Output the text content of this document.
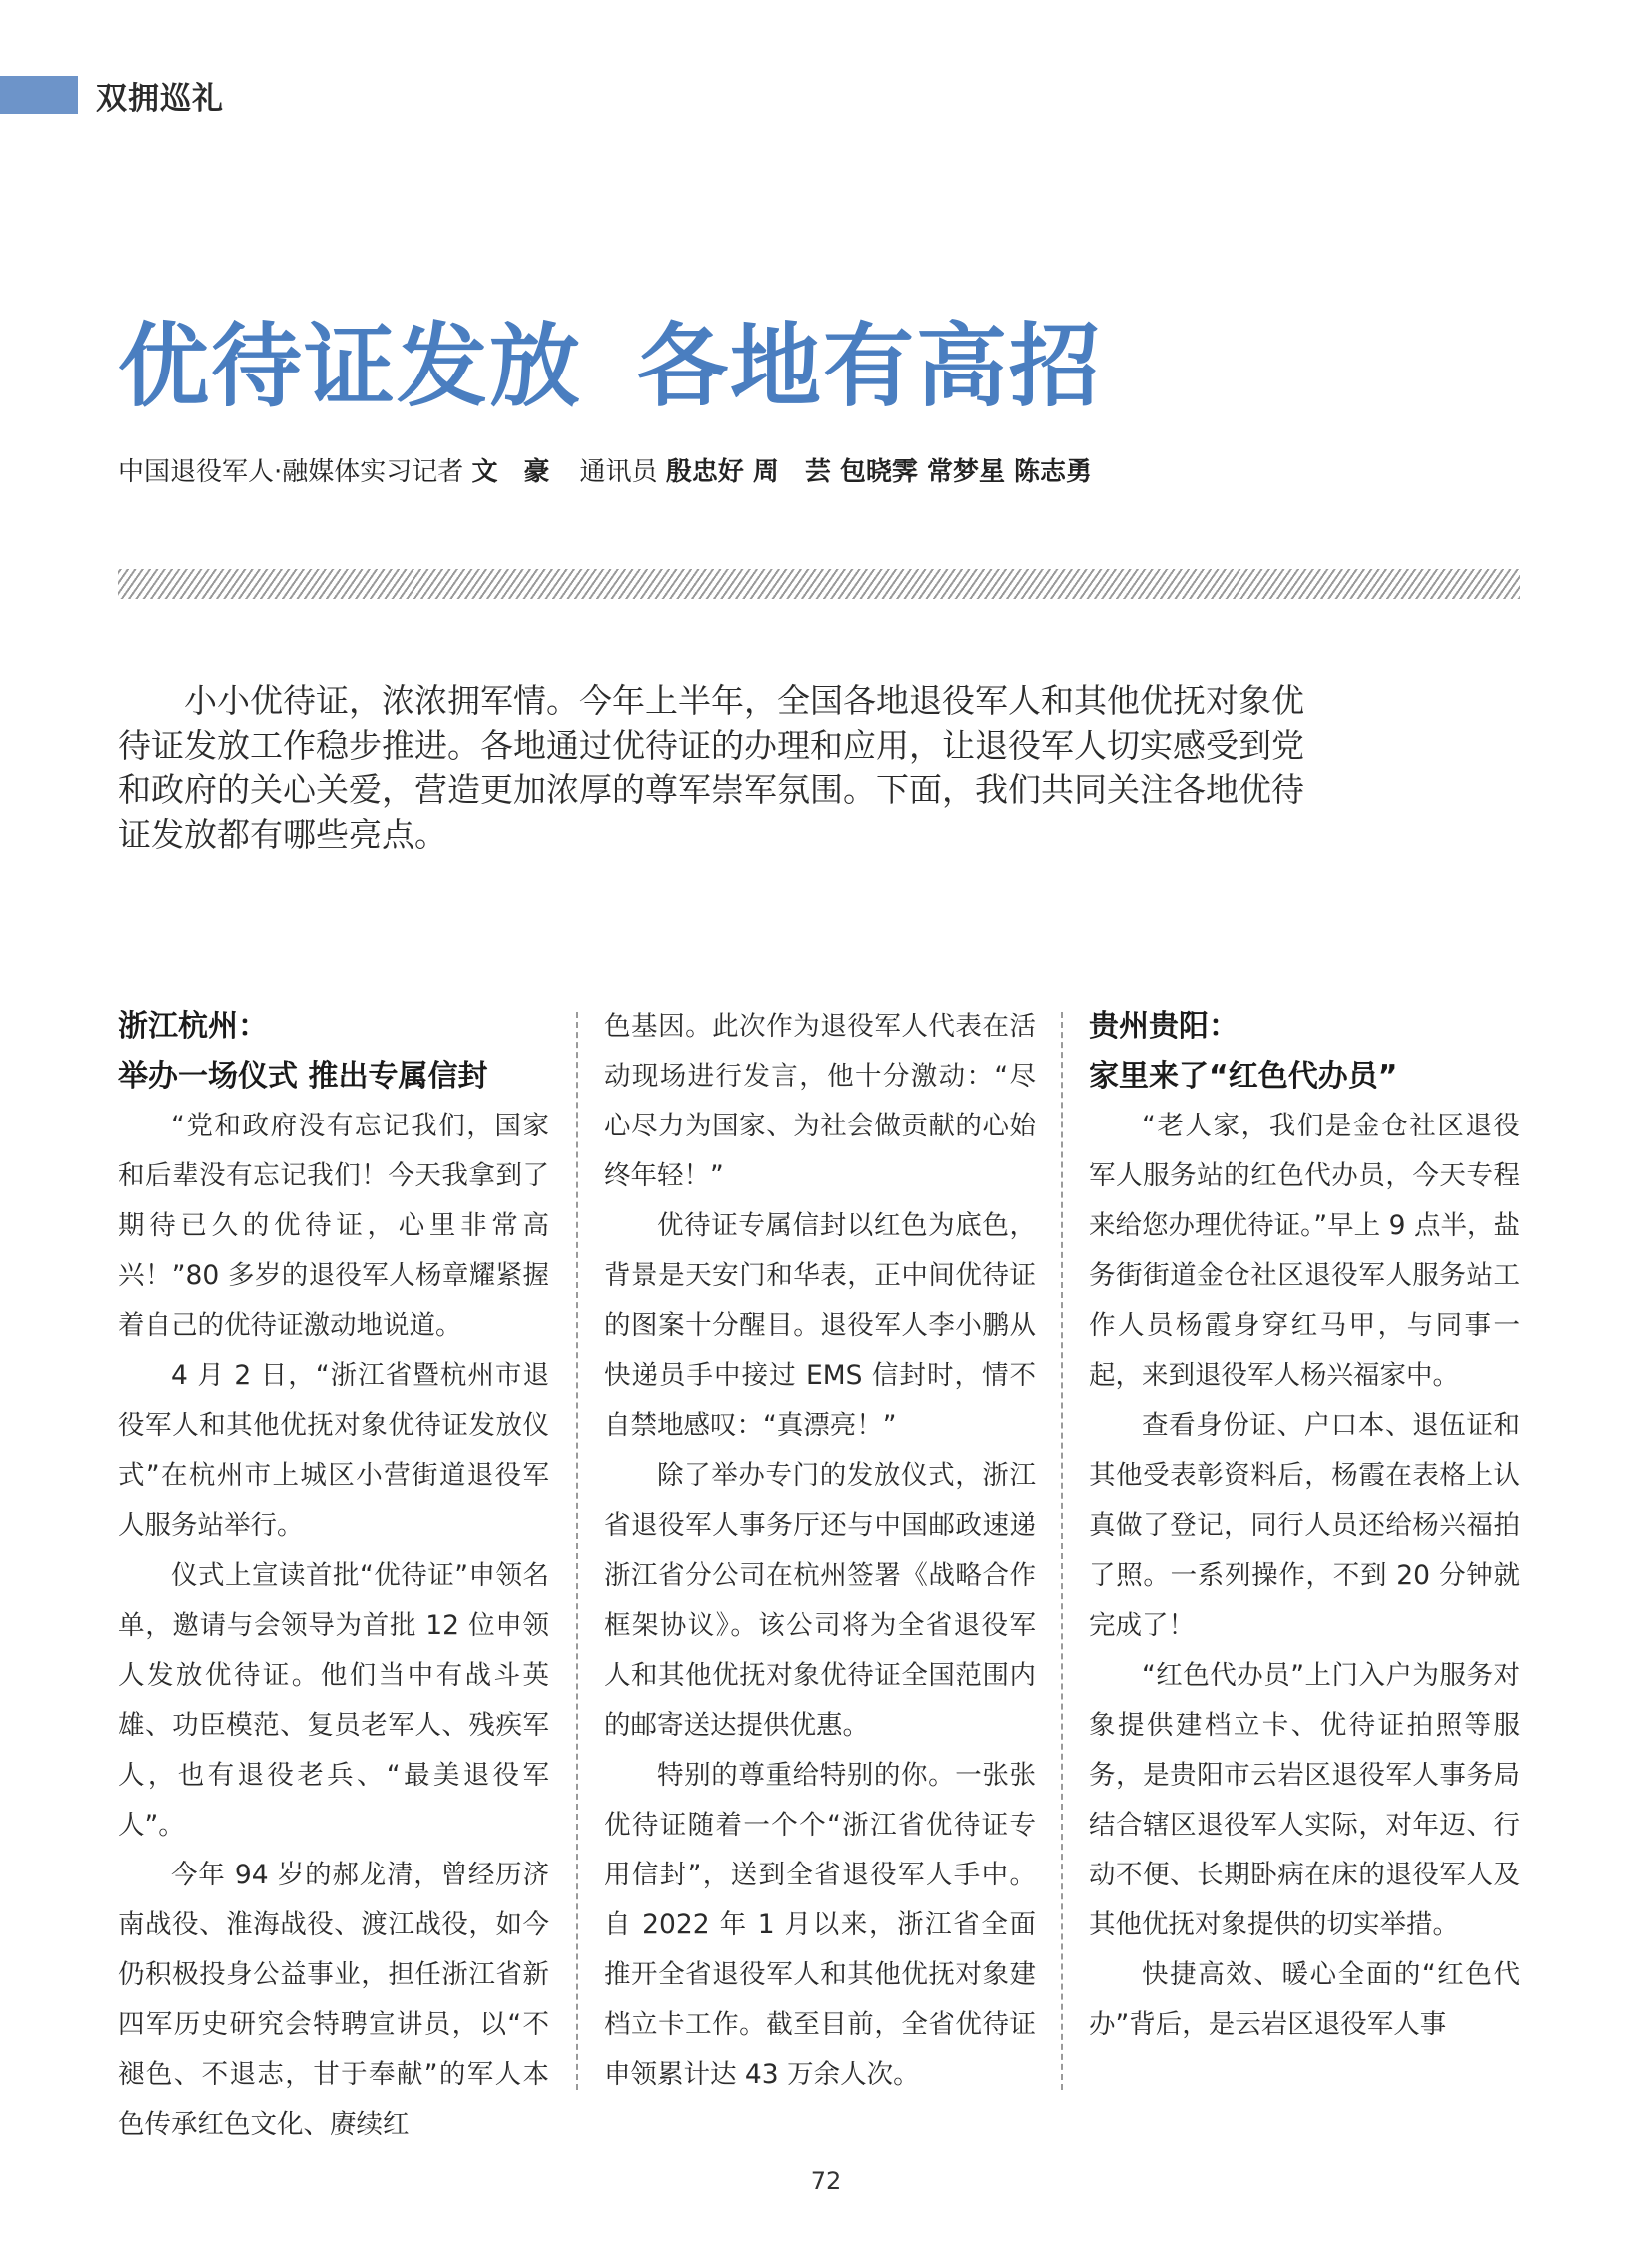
双拥巡礼
优待证发放 各地有高招
中国退役军人·融媒体实习记者 文　豪 通讯员 殷忠好 周　芸 包晓霁 常梦星 陈志勇

小小优待证，浓浓拥军情。今年上半年，全国各地退役军人和其他优抚对象优待证发放工作稳步推进。各地通过优待证的办理和应用，让退役军人切实感受到党和政府的关心关爱，营造更加浓厚的尊军崇军氛围。下面，我们共同关注各地优待证发放都有哪些亮点。

浙江杭州：
举办一场仪式 推出专属信封

“党和政府没有忘记我们，国家和后辈没有忘记我们！今天我拿到了期待已久的优待证，心里非常高兴！”80 多岁的退役军人杨章耀紧握着自己的优待证激动地说道。

4 月 2 日，“浙江省暨杭州市退役军人和其他优抚对象优待证发放仪式”在杭州市上城区小营街道退役军人服务站举行。

仪式上宣读首批“优待证”申领名单，邀请与会领导为首批 12 位申领人发放优待证。他们当中有战斗英雄、功臣模范、复员老军人、残疾军人，也有退役老兵、“最美退役军人”。

今年 94 岁的郝龙清，曾经历济南战役、淮海战役、渡江战役，如今仍积极投身公益事业，担任浙江省新四军历史研究会特聘宣讲员，以“不褪色、不退志，甘于奉献”的军人本色传承红色文化、赓续红

色基因。此次作为退役军人代表在活动现场进行发言，他十分激动：“尽心尽力为国家、为社会做贡献的心始终年轻！”

优待证专属信封以红色为底色，背景是天安门和华表，正中间优待证的图案十分醒目。退役军人李小鹏从快递员手中接过 EMS 信封时，情不自禁地感叹：“真漂亮！”

除了举办专门的发放仪式，浙江省退役军人事务厅还与中国邮政速递浙江省分公司在杭州签署《战略合作框架协议》。该公司将为全省退役军人和其他优抚对象优待证全国范围内的邮寄送达提供优惠。

特别的尊重给特别的你。一张张优待证随着一个个“浙江省优待证专用信封”，送到全省退役军人手中。自 2022 年 1 月以来，浙江省全面推开全省退役军人和其他优抚对象建档立卡工作。截至目前，全省优待证申领累计达 43 万余人次。

贵州贵阳：
家里来了“红色代办员”

“老人家，我们是金仓社区退役军人服务站的红色代办员，今天专程来给您办理优待证。”早上 9 点半，盐务街街道金仓社区退役军人服务站工作人员杨霞身穿红马甲，与同事一起，来到退役军人杨兴福家中。

查看身份证、户口本、退伍证和其他受表彰资料后，杨霞在表格上认真做了登记，同行人员还给杨兴福拍了照。一系列操作，不到 20 分钟就完成了！

“红色代办员”上门入户为服务对象提供建档立卡、优待证拍照等服务，是贵阳市云岩区退役军人事务局结合辖区退役军人实际，对年迈、行动不便、长期卧病在床的退役军人及其他优抚对象提供的切实举措。

快捷高效、暖心全面的“红色代办”背后，是云岩区退役军人事

72
